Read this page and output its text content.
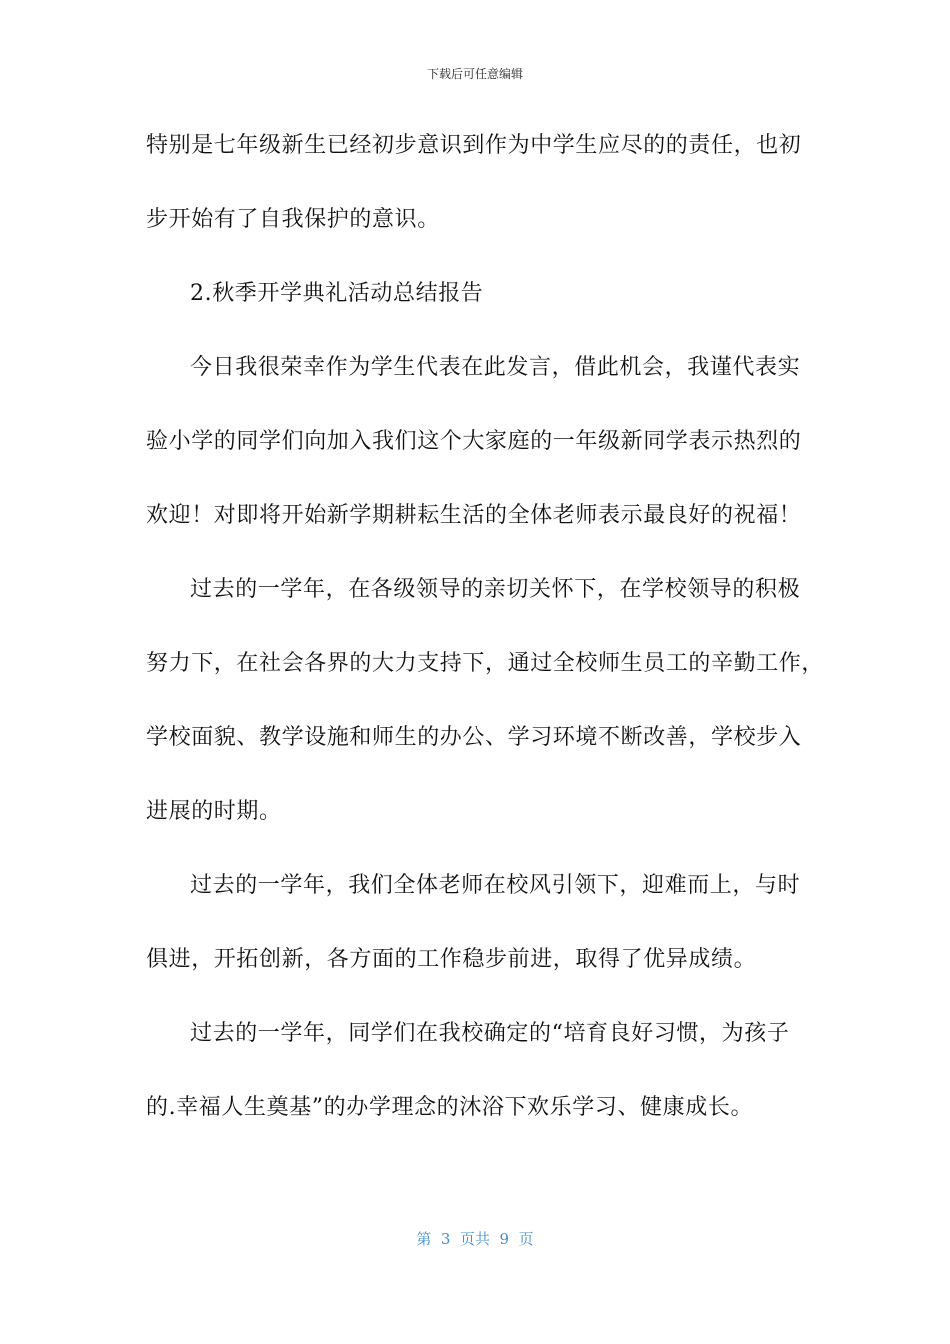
下载后可任意编辑
特别是七年级新生已经初步意识到作为中学生应尽的的责任，也初
步开始有了自我保护的意识。
2.秋季开学典礼活动总结报告
今日我很荣幸作为学生代表在此发言，借此机会，我谨代表实
验小学的同学们向加入我们这个大家庭的一年级新同学表示热烈的
欢迎！对即将开始新学期耕耘生活的全体老师表示最良好的祝福！
过去的一学年，在各级领导的亲切关怀下，在学校领导的积极
努力下，在社会各界的大力支持下，通过全校师生员工的辛勤工作，
学校面貌、教学设施和师生的办公、学习环境不断改善，学校步入
进展的时期。
过去的一学年，我们全体老师在校风引领下，迎难而上，与时
俱进，开拓创新，各方面的工作稳步前进，取得了优异成绩。
过去的一学年，同学们在我校确定的“培育良好习惯，为孩子
的.幸福人生奠基”的办学理念的沐浴下欢乐学习、健康成长。
第  3  页共  9  页
